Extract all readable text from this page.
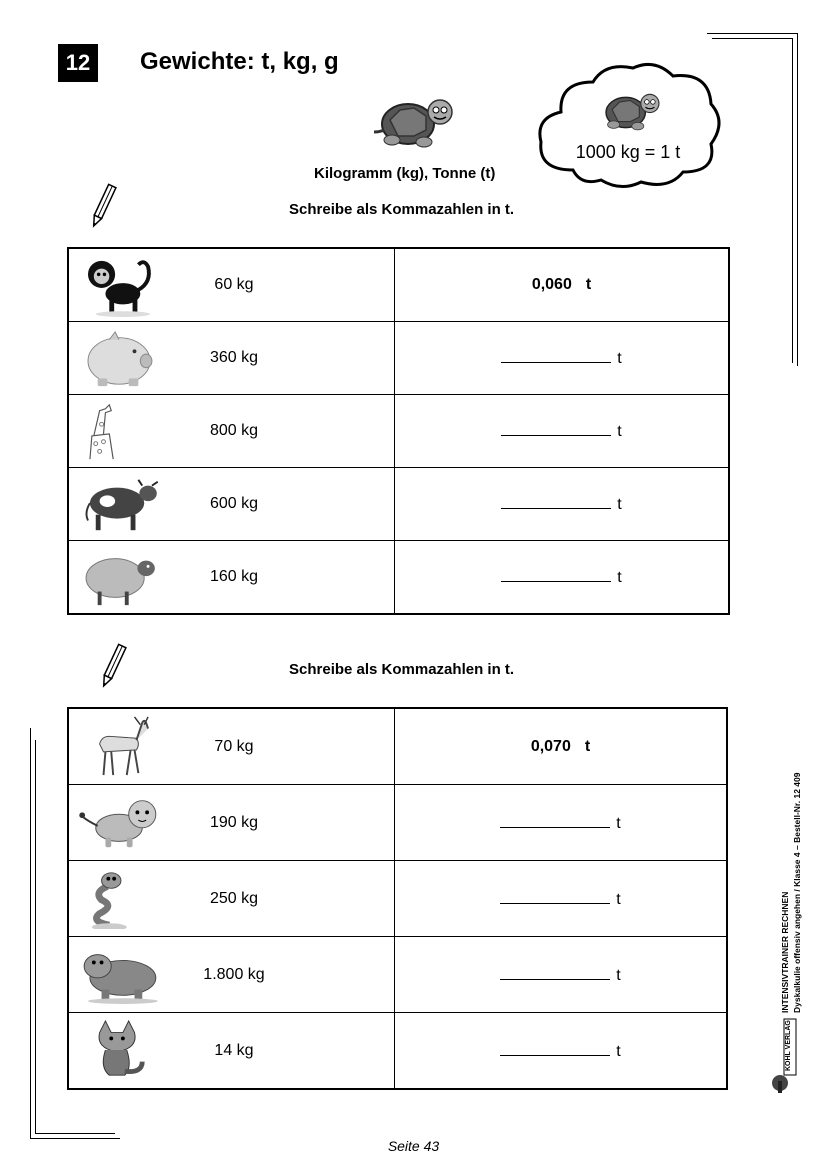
12	Gewichte: t, kg, g
1000 kg = 1 t
Kilogramm (kg), Tonne (t)
Schreibe als Kommazahlen in t.
60 kg	0,060 t

360 kg	t

800 kg	t

600 kg	t

160 kg	t
Schreibe als Kommazahlen in t.
70 kg	0,070 t

190 kg	t

250 kg	t

1.800 kg	t

14 kg	t
INTENSIVTRAINER RECHNEN Dyskalkulie offensiv angehen / Klasse 4 – Bestell-Nr. 12 409
KOHL VERLAG
Seite 43
